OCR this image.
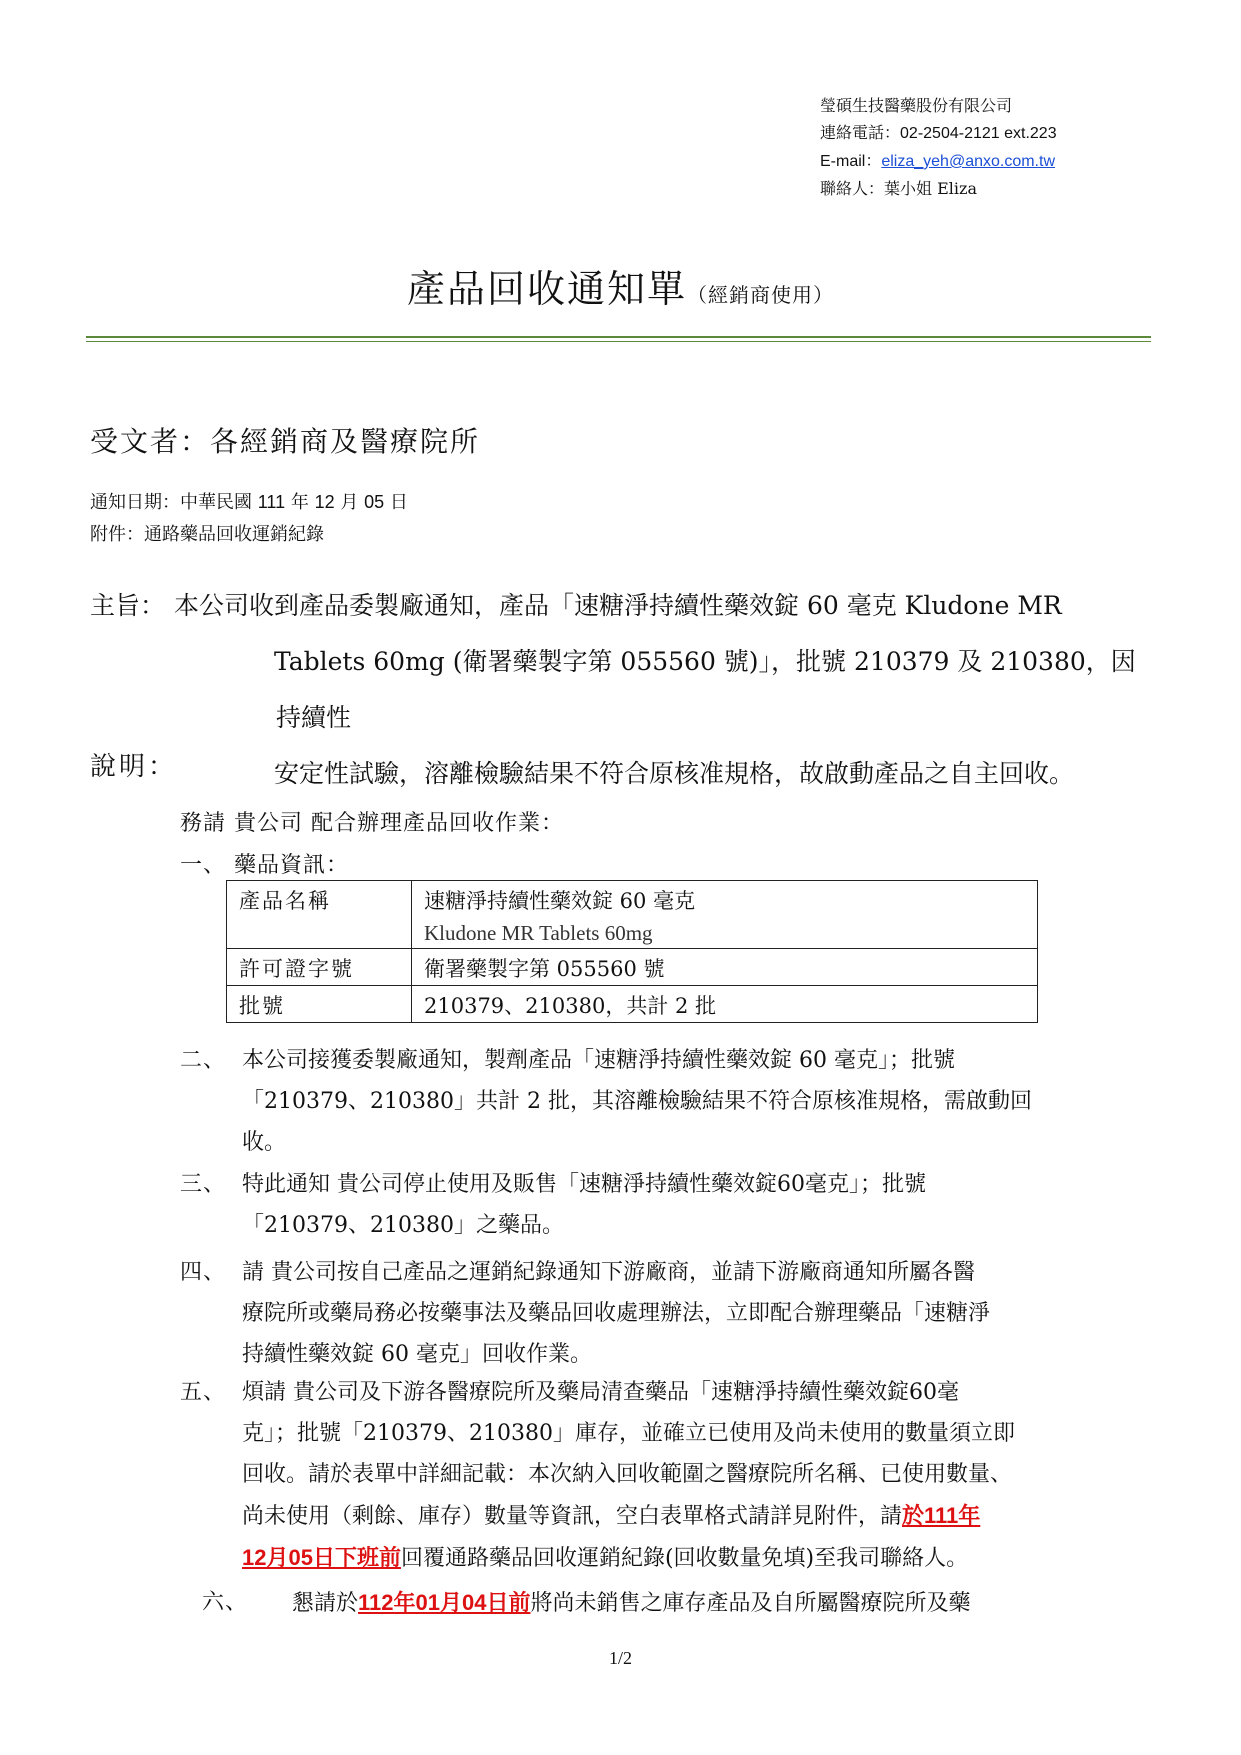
瑩碩生技醫藥股份有限公司
連絡電話：02-2504-2121 ext.223
E-mail：eliza_yeh@anxo.com.tw
聯絡人：葉小姐 Eliza
產品回收通知單（經銷商使用）
受文者：各經銷商及醫療院所
通知日期：中華民國 111 年 12 月 05 日
附件：通路藥品回收運銷紀錄
主旨： 本公司收到產品委製廠通知，產品「速糖淨持續性藥效錠 60 毫克 Kludone MR
Tablets 60mg (衛署藥製字第 055560 號)」，批號 210379 及 210380，因持續性
安定性試驗，溶離檢驗結果不符合原核准規格，故啟動產品之自主回收。
說明：
務請 貴公司 配合辦理產品回收作業：
一、 藥品資訊：
產品名稱	速糖淨持續性藥效錠 60 毫克
Kludone MR Tablets 60mg

許可證字號	衛署藥製字第 055560 號
批號	210379、210380，共計 2 批
二、 本公司接獲委製廠通知，製劑產品「速糖淨持續性藥效錠 60 毫克」；批號
「210379、210380」共計 2 批，其溶離檢驗結果不符合原核准規格，需啟動回
收。
三、 特此通知 貴公司停止使用及販售「速糖淨持續性藥效錠60毫克」；批號
「210379、210380」之藥品。
四、 請 貴公司按自己產品之運銷紀錄通知下游廠商，並請下游廠商通知所屬各醫
療院所或藥局務必按藥事法及藥品回收處理辦法，立即配合辦理藥品「速糖淨
持續性藥效錠 60 毫克」回收作業。
五、 煩請 貴公司及下游各醫療院所及藥局清查藥品「速糖淨持續性藥效錠60毫
克」；批號「210379、210380」庫存，並確立已使用及尚未使用的數量須立即
回收。請於表單中詳細記載：本次納入回收範圍之醫療院所名稱、已使用數量、
尚未使用（剩餘、庫存）數量等資訊，空白表單格式請詳見附件，請於111年
12月05日下班前回覆通路藥品回收運銷紀錄(回收數量免填)至我司聯絡人。
六、	懇請於112年01月04日前將尚未銷售之庫存產品及自所屬醫療院所及藥
1/2
